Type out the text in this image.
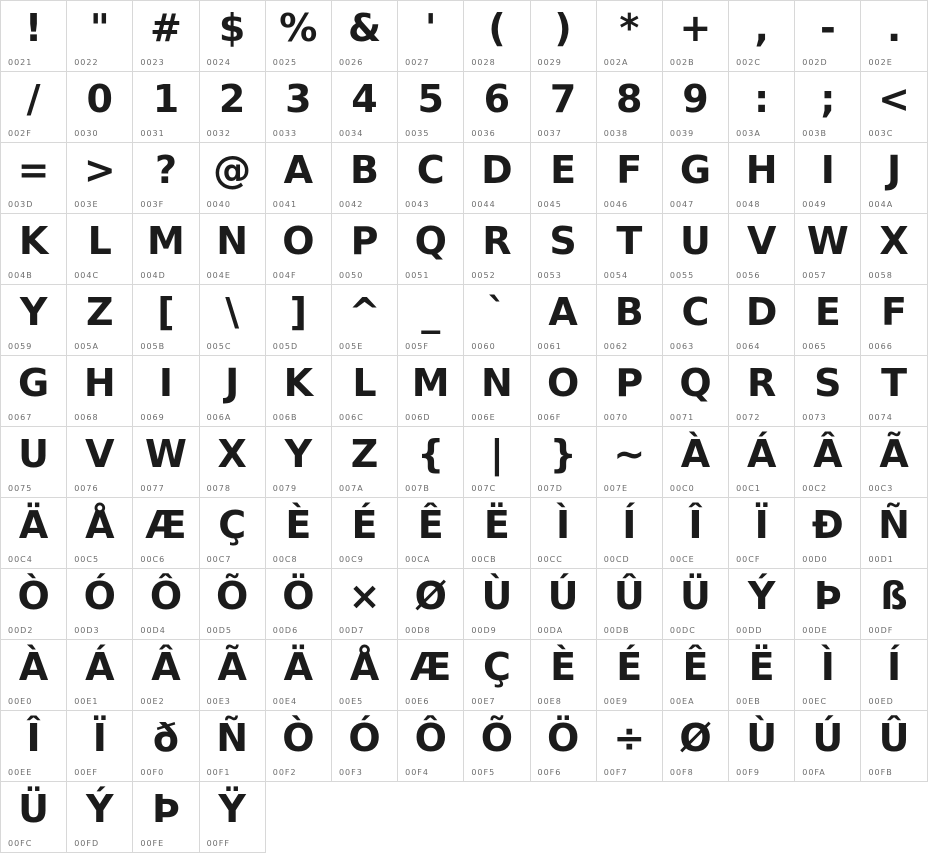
!
0021
"
0022
#
0023
$
0024
%
0025
&
0026
'
0027
(
0028
)
0029
*
002A
+
002B
,
002C
-
002D
.
002E
/
002F
0
0030
1
0031
2
0032
3
0033
4
0034
5
0035
6
0036
7
0037
8
0038
9
0039
:
003A
;
003B
<
003C
=
003D
>
003E
?
003F
@
0040
A
0041
B
0042
C
0043
D
0044
E
0045
F
0046
G
0047
H
0048
I
0049
J
004A
K
004B
L
004C
M
004D
N
004E
O
004F
P
0050
Q
0051
R
0052
S
0053
T
0054
U
0055
V
0056
W
0057
X
0058
Y
0059
Z
005A
[
005B
\
005C
]
005D
^
005E
_
005F
`
0060
A
0061
B
0062
C
0063
D
0064
E
0065
F
0066
G
0067
H
0068
I
0069
J
006A
K
006B
L
006C
M
006D
N
006E
O
006F
P
0070
Q
0071
R
0072
S
0073
T
0074
U
0075
V
0076
W
0077
X
0078
Y
0079
Z
007A
{
007B
|
007C
}
007D
~
007E
À
00C0
Á
00C1
Â
00C2
Ã
00C3
Ä
00C4
Å
00C5
Æ
00C6
Ç
00C7
È
00C8
É
00C9
Ê
00CA
Ë
00CB
Ì
00CC
Í
00CD
Î
00CE
Ï
00CF
Ð
00D0
Ñ
00D1
Ò
00D2
Ó
00D3
Ô
00D4
Õ
00D5
Ö
00D6
×
00D7
Ø
00D8
Ù
00D9
Ú
00DA
Û
00DB
Ü
00DC
Ý
00DD
Þ
00DE
ß
00DF
À
00E0
Á
00E1
Â
00E2
Ã
00E3
Ä
00E4
Å
00E5
Æ
00E6
Ç
00E7
È
00E8
É
00E9
Ê
00EA
Ë
00EB
Ì
00EC
Í
00ED
Î
00EE
Ï
00EF
ð
00F0
Ñ
00F1
Ò
00F2
Ó
00F3
Ô
00F4
Õ
00F5
Ö
00F6
÷
00F7
Ø
00F8
Ù
00F9
Ú
00FA
Û
00FB
Ü
00FC
Ý
00FD
Þ
00FE
Ÿ
00FF
